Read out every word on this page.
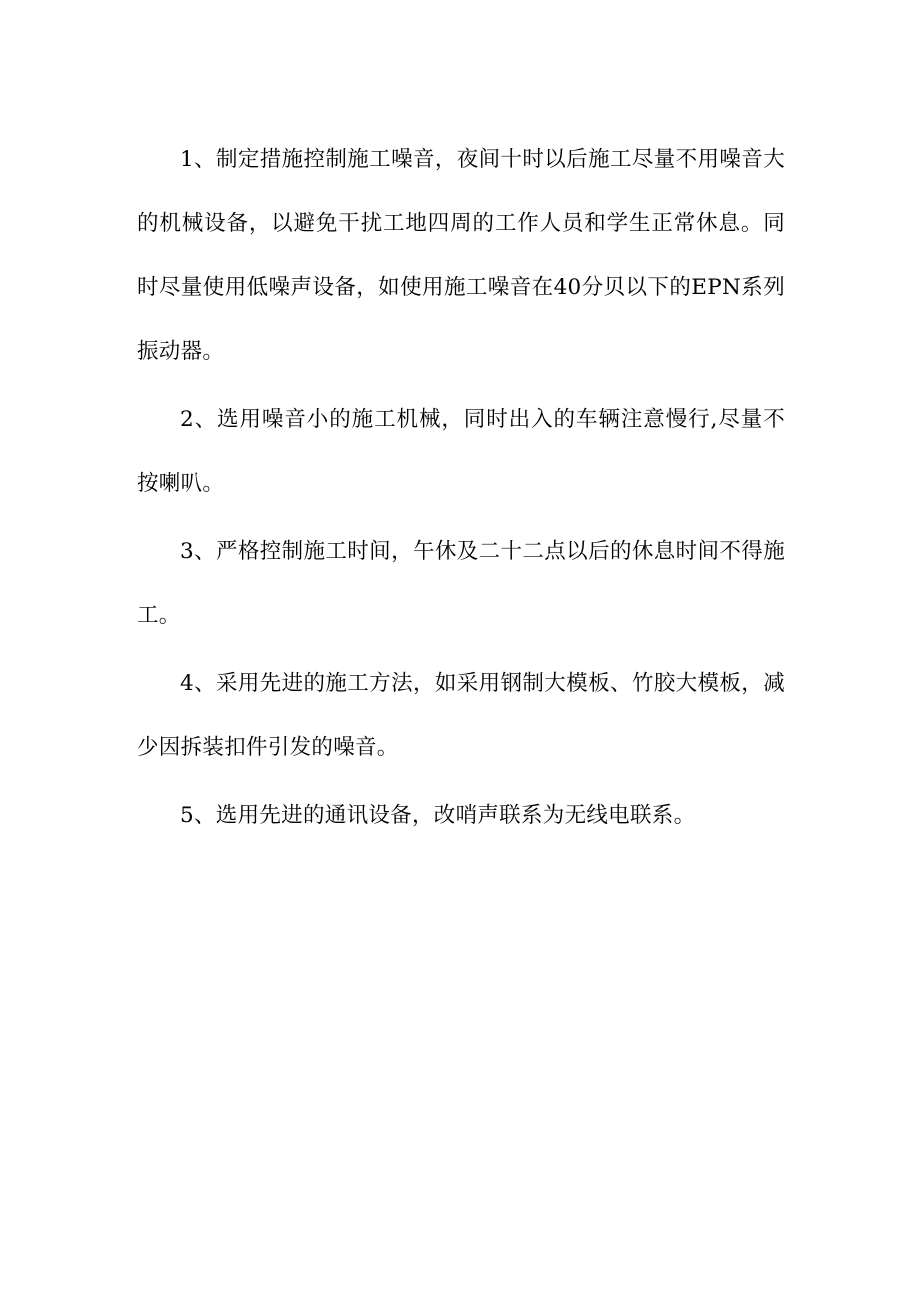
1、制定措施控制施工噪音，夜间十时以后施工尽量不用噪音大的机械设备，以避免干扰工地四周的工作人员和学生正常休息。同时尽量使用低噪声设备，如使用施工噪音在40分贝以下的EPN系列振动器。

2、选用噪音小的施工机械，同时出入的车辆注意慢行,尽量不按喇叭。

3、严格控制施工时间，午休及二十二点以后的休息时间不得施工。

4、采用先进的施工方法，如采用钢制大模板、竹胶大模板，减少因拆装扣件引发的噪音。

5、选用先进的通讯设备，改哨声联系为无线电联系。
